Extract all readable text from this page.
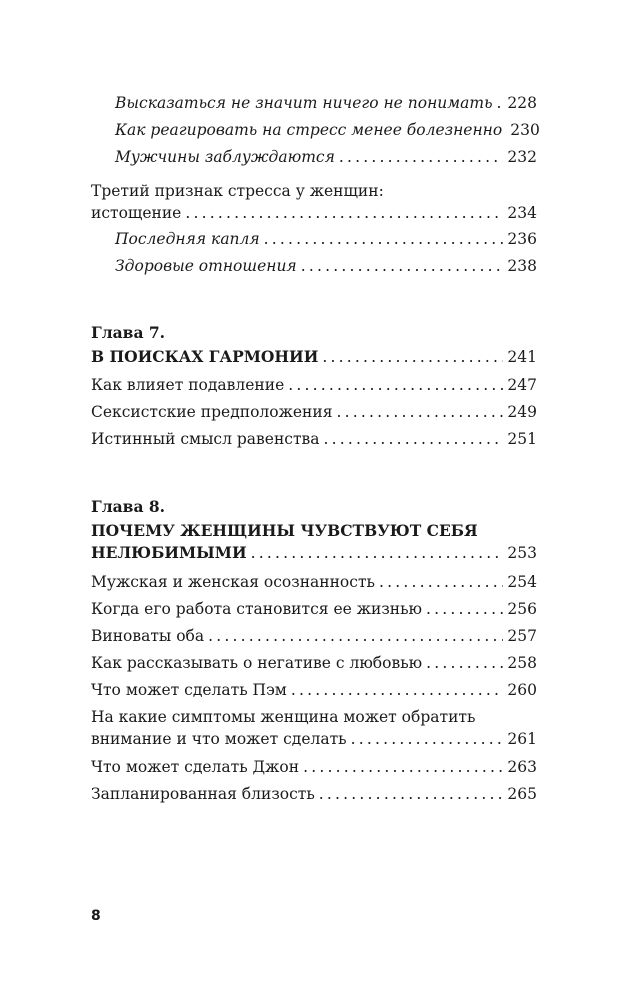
Высказаться не значит ничего не понимать ..... 228
Как реагировать на стресс менее болезненно 230
Мужчины заблуждаются .....	232
Третий признак стресса у женщин:
истощение .....	234
Последняя капля .....	236
Здоровые отношения .....	238
Глава 7.
В ПОИСКАХ ГАРМОНИИ .....	241
Как влияет подавление .....	247
Сексистские предположения .....	249
Истинный смысл равенства .....	251
Глава 8.
ПОЧЕМУ ЖЕНЩИНЫ ЧУВСТВУЮТ СЕБЯ
НЕЛЮБИМЫМИ .....	253
Мужская и женская осознанность .....	254
Когда его работа становится ее жизнью .....	256
Виноваты оба .....	257
Как рассказывать о негативе с любовью .....	258
Что может сделать Пэм .....	260
На какие симптомы женщина может обратить
внимание и что может сделать .....	261
Что может сделать Джон .....	263
Запланированная близость .....	265
8
